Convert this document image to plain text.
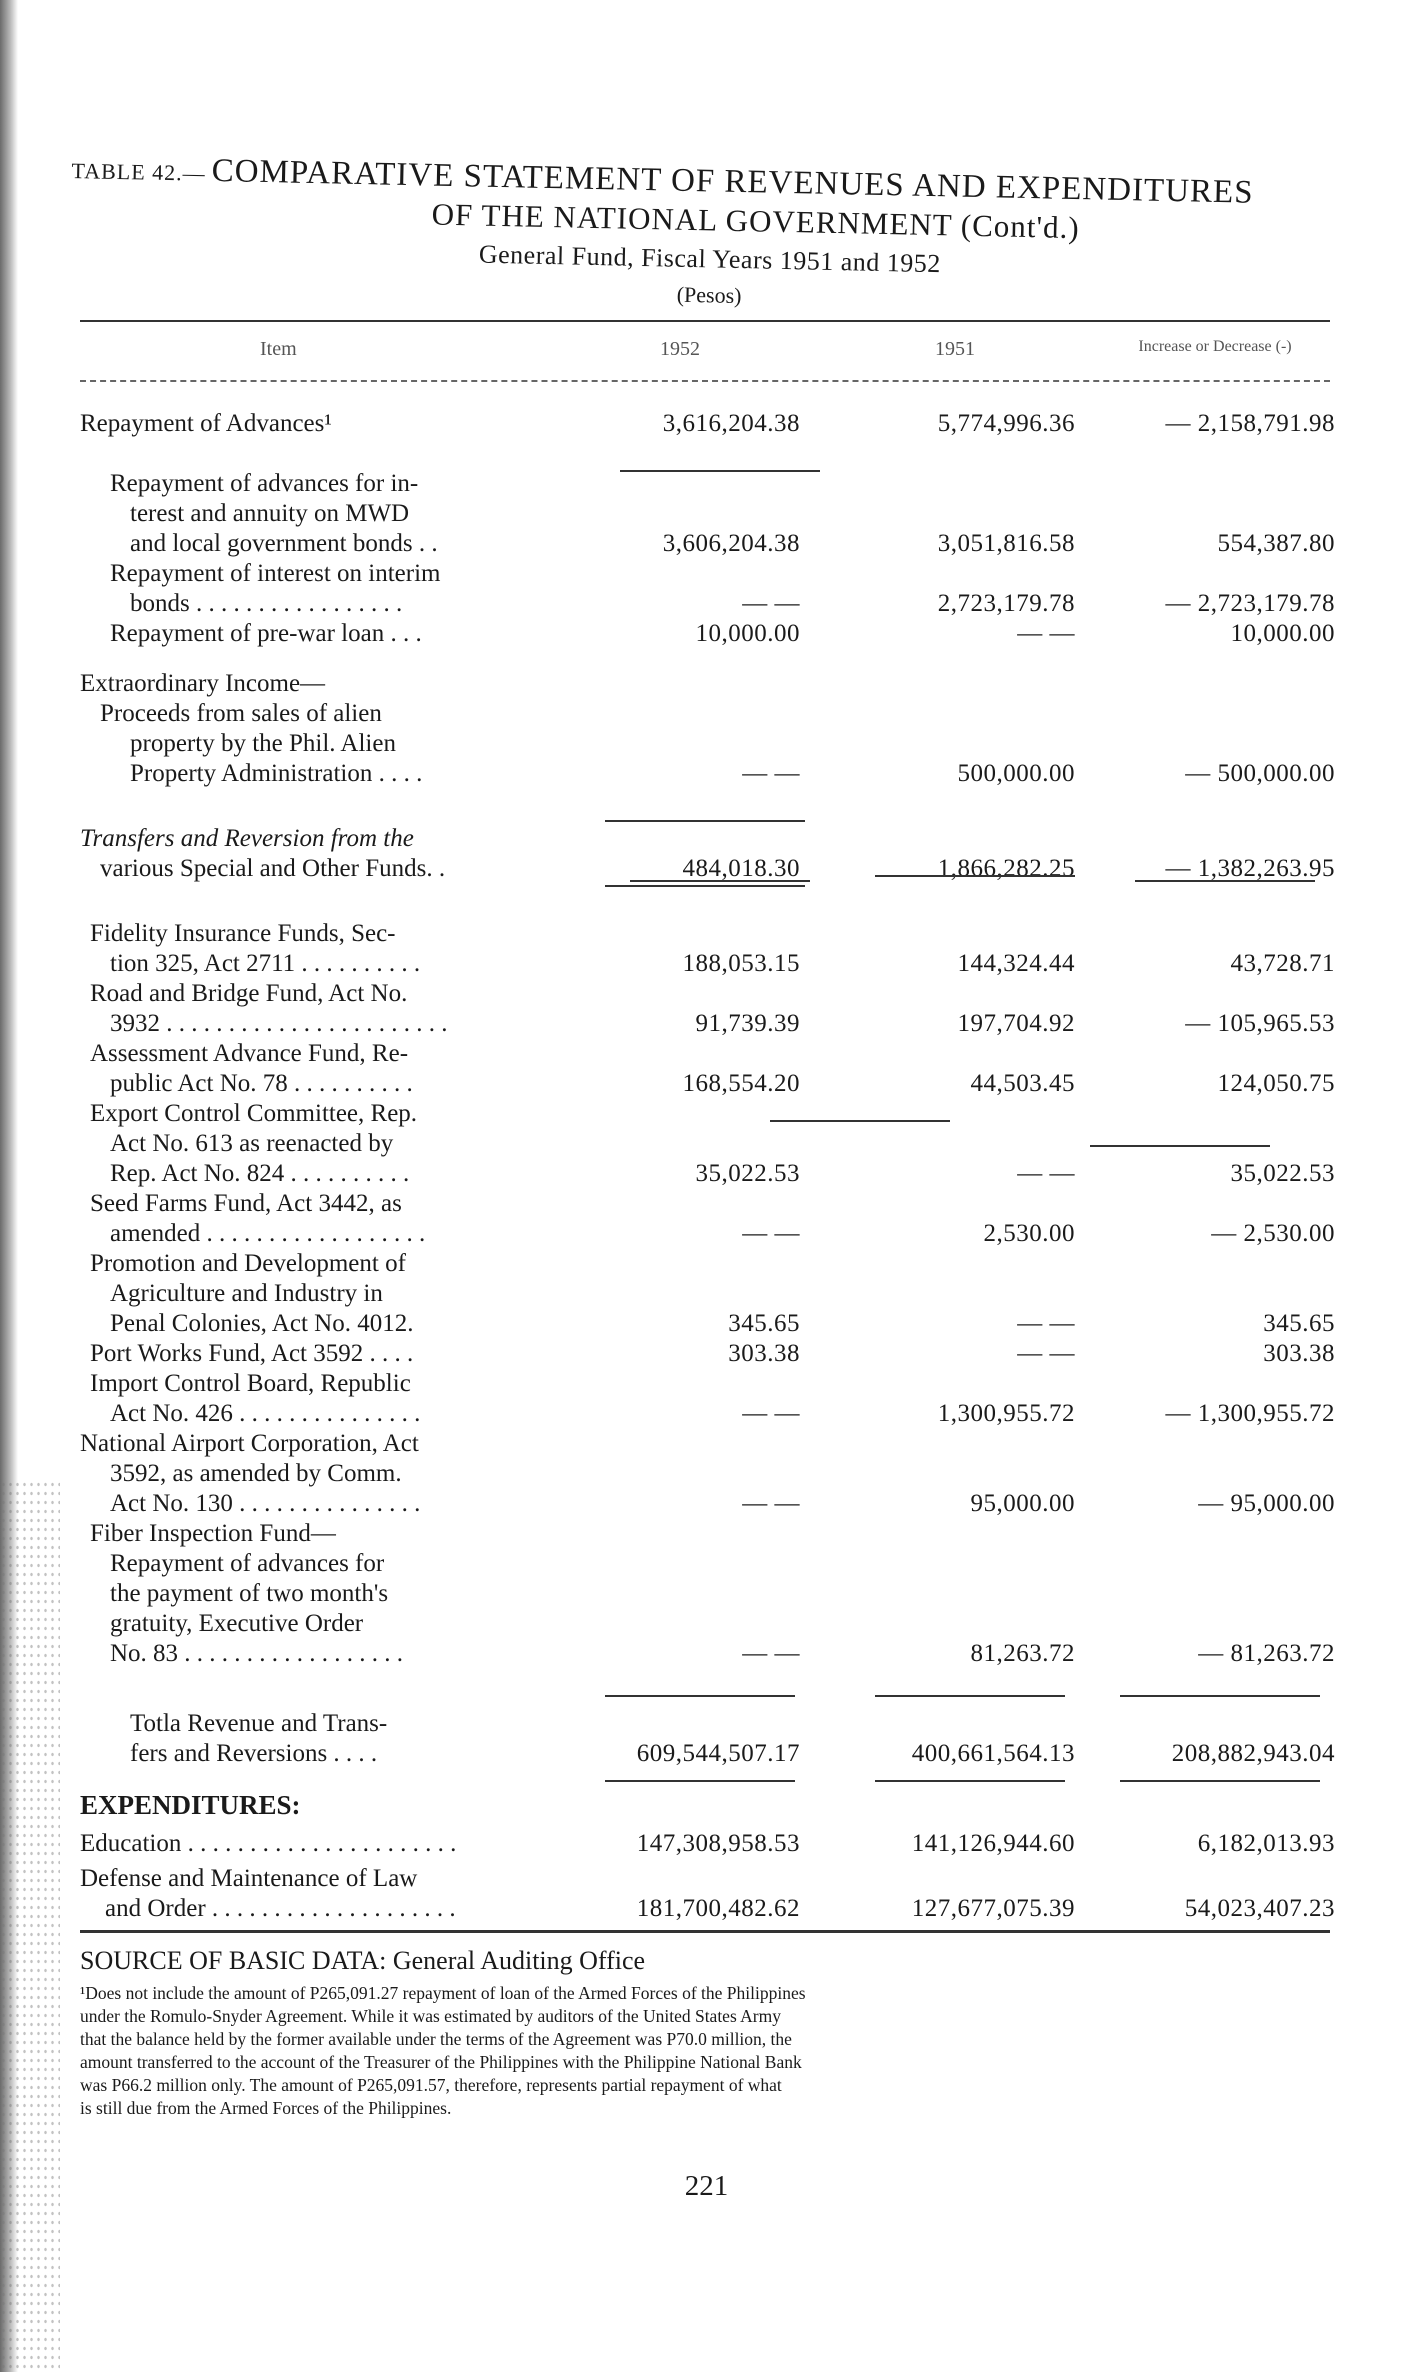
TABLE 42.— COMPARATIVE STATEMENT OF REVENUES AND EXPENDITURES
OF THE NATIONAL GOVERNMENT (Cont'd.)
General Fund, Fiscal Years 1951 and 1952
(Pesos)
Item	1952	1951	Increase or Decrease (-)
Repayment of Advances¹	3,616,204.38	5,774,996.36	— 2,158,791.98
Repayment of advances for in-
terest and annuity on MWD
and local government bonds . .	3,606,204.38	3,051,816.58	554,387.80
Repayment of interest on interim
bonds . . . . . . . . . . . . . . . . .	— —	2,723,179.78	— 2,723,179.78
Repayment of pre-war loan . . .	10,000.00	— —	10,000.00
Extraordinary Income—
Proceeds from sales of alien
property by the Phil. Alien
Property Administration . . . .	— —	500,000.00	— 500,000.00
Transfers and Reversion from the
various Special and Other Funds. .	484,018.30	1,866,282.25	— 1,382,263.95
Fidelity Insurance Funds, Sec-
tion 325, Act 2711 . . . . . . . . . .	188,053.15	144,324.44	43,728.71
Road and Bridge Fund, Act No.
3932 . . . . . . . . . . . . . . . . . . . . . . .	91,739.39	197,704.92	— 105,965.53
Assessment Advance Fund, Re-
public Act No. 78 . . . . . . . . . .	168,554.20	44,503.45	124,050.75
Export Control Committee, Rep.
Act No. 613 as reenacted by
Rep. Act No. 824 . . . . . . . . . .	35,022.53	— —	35,022.53
Seed Farms Fund, Act 3442, as
amended . . . . . . . . . . . . . . . . . .	— —	2,530.00	— 2,530.00
Promotion and Development of
Agriculture and Industry in
Penal Colonies, Act No. 4012.	345.65	— —	345.65
Port Works Fund, Act 3592 . . . .	303.38	— —	303.38
Import Control Board, Republic
Act No. 426 . . . . . . . . . . . . . . .	— —	1,300,955.72	— 1,300,955.72
National Airport Corporation, Act
3592, as amended by Comm.
Act No. 130 . . . . . . . . . . . . . . .	— —	95,000.00	— 95,000.00
Fiber Inspection Fund—
Repayment of advances for
the payment of two month's
gratuity, Executive Order
No. 83 . . . . . . . . . . . . . . . . . .	— —	81,263.72	— 81,263.72
Totla Revenue and Trans-
fers and Reversions . . . .	609,544,507.17	400,661,564.13	208,882,943.04
EXPENDITURES:
Education . . . . . . . . . . . . . . . . . . . . . .	147,308,958.53	141,126,944.60	6,182,013.93
Defense and Maintenance of Law
and Order . . . . . . . . . . . . . . . . . . . .	181,700,482.62	127,677,075.39	54,023,407.23
SOURCE OF BASIC DATA: General Auditing Office

¹Does not include the amount of P265,091.27 repayment of loan of the Armed Forces of the Philippines

under the Romulo-Snyder Agreement. While it was estimated by auditors of the United States Army

that the balance held by the former available under the terms of the Agreement was P70.0 million, the

amount transferred to the account of the Treasurer of the Philippines with the Philippine National Bank

was P66.2 million only. The amount of P265,091.57, therefore, represents partial repayment of what

is still due from the Armed Forces of the Philippines.

221
